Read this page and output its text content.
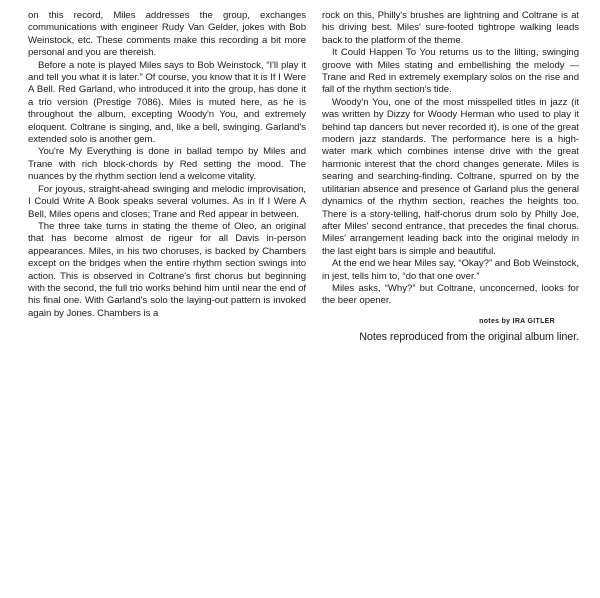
on this record, Miles addresses the group, exchanges communications with engineer Rudy Van Gelder, jokes with Bob Weinstock, etc. These comments make this recording a bit more personal and you are thereish.

Before a note is played Miles says to Bob Weinstock, “I'll play it and tell you what it is later.” Of course, you know that it is If I Were A Bell. Red Garland, who introduced it into the group, has done it a trio version (Prestige 7086). Miles is muted here, as he is throughout the album, excepting Woody'n You, and extremely eloquent. Coltrane is singing, and, like a bell, swinging. Garland's extended solo is another gem.

You're My Everything is done in ballad tempo by Miles and Trane with rich block-chords by Red setting the mood. The nuances by the rhythm section lend a welcome vitality.

For joyous, straight-ahead swinging and melodic improvisation, I Could Write A Book speaks several volumes. As in If I Were A Bell, Miles opens and closes; Trane and Red appear in between.

The three take turns in stating the theme of Oleo, an original that has become almost de rigeur for all Davis in-person appearances. Miles, in his two choruses, is backed by Chambers except on the bridges when the entire rhythm section swings into action. This is observed in Coltrane's first chorus but beginning with the second, the full trio works behind him until near the end of his final one. With Garland's solo the laying-out pattern is invoked again by Jones. Chambers is a

rock on this, Philly's brushes are lightning and Coltrane is at his driving best. Miles' sure-footed tightrope walking leads back to the platform of the theme.

It Could Happen To You returns us to the lilting, swinging groove with Miles stating and embellishing the melody — Trane and Red in extremely exemplary solos on the rise and fall of the rhythm section's tide.

Woody'n You, one of the most misspelled titles in jazz (it was written by Dizzy for Woody Herman who used to play it behind tap dancers but never recorded it), is one of the great modern jazz standards. The performance here is a high-water mark which combines intense drive with the great harmonic interest that the chord changes generate. Miles is searing and searching-finding. Coltrane, spurred on by the utilitarian absence and presence of Garland plus the general dynamics of the rhythm section, reaches the heights too. There is a story-telling, half-chorus drum solo by Philly Joe, after Miles' second entrance, that precedes the final chorus. Miles' arrangement leading back into the original melody in the last eight bars is simple and beautiful.

At the end we hear Miles say, “Okay?” and Bob Weinstock, in jest, tells him to, “do that one over.”

Miles asks, “Why?” but Coltrane, unconcerned, looks for the beer opener.

notes by IRA GITLER
Notes reproduced from the original album liner.
